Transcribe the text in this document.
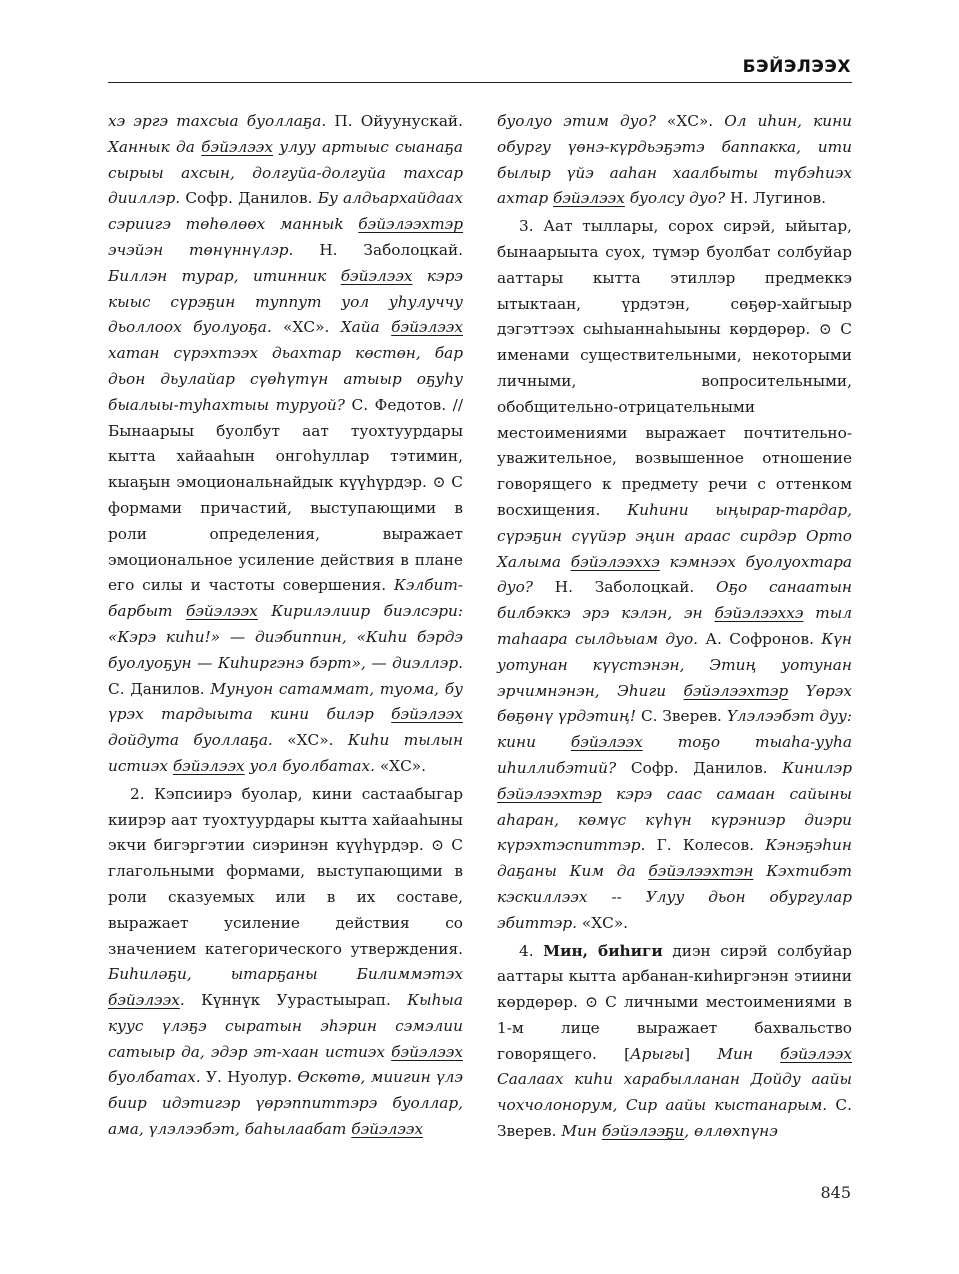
БЭЙЭЛЭЭХ

хэ эргэ тахсыа буоллаҕа. П. Ойуунускай. Ханнык да бэйэлээх улуу артыыс сыанаҕа сырыы ахсын, долгуйа-долгуйа тахсар дииллэр. Софр. Данилов. Бу алдьархайдаах сэриигэ төһөлөөх манныk бэйэлээхтэр эчэйэн төнүннүлэр. Н. Заболоцкай. Биллэн турар, итинник бэйэлээх кэрэ кыыс сүрэҕин туппут уол уһулуччу дьоллоох буолуоҕа. «ХС». Хайа бэйэлээх хатан сүрэхтээх дьахтар көстөн, бар дьон дьулайар сүөһүтүн атыыр оҕуһу быалыы-туһахтыы туруой? С. Федотов. // Бынаарыы буолбут аат туохтуурдары кытта хайааһын онгоһуллар тэтимин, кыаҕын эмоциональнайдык күүһүрдэр. ⊙ С формами причастий, выступающими в роли определения, выражает эмоциональное усиление действия в плане его силы и частоты совершения. Кэлбит-барбыт бэйэлээх Кирилэлиир биэлсэри: «Кэрэ киһи!» — диэбиппин, «Киһи бэрдэ буолуоҕун — Киһиргэнэ бэрт», — диэллэр. С. Данилов. Мунуон сатаммат, туома, бу үрэх тардыыта кини билэр бэйэлээх дойдута буоллаҕа. «ХС». Киһи тылын истиэх бэйэлээх уол буолбатах. «ХС».

2. Кэпсиирэ буолар, кини састаабыгар киирэр аат туохтуурдары кытта хайааһыны экчи бигэргэтии сиэринэн күүһүрдэр. ⊙ С глагольными формами, выступающими в роли сказуемых или в их составе, выражает усиление действия со значением категорического утверждения. Биһиләҕи, ытарҕаны Билиммэтэх бэйэлээх. Күннүк Уурастыырап. Кыһыа кууc үлэҕэ сыратын эһэрин сэмэлии сатыыр да, эдэр эт-хаан истиэх бэйэлээх буолбатах. У. Нуолур. Өскөтө, миигин үлэ биир идэтигэр үөрэппиттэрэ буоллар, ама, үлэлээбэт, баһылаабат бэйэлээх

буолуо этим дуо? «ХС». Ол иһин, кини обургу үөнэ-күрдьэҕэтэ баппакка, ити былыр үйэ ааһан хаалбыты түбэһиэх ахтар бэйэлээх буолсу дуо? Н. Лугинов.

3. Аат тыллары, сорох сирэй, ыйытар, бынаарыыта суох, түмэр буолбат солбуйар ааттары кытта этиллэр предмеккэ ытыктаан, үрдэтэн, сөҕөр-хайгыыр дэгэттээх сыһыаннаһыыны көрдөрөр. ⊙ С именами существительными, некоторыми личными, вопросительными, обобщительно-отрицательными местоимениями выражает почтительно-уважительное, возвышенное отношение говорящего к предмету речи с оттенком восхищения. Киһини ыңырар-тардар, сүрэҕин сүүйэр эңин араас сирдэр Орто Халыма бэйэлээххэ кэмнээх буолуохтара дуо? Н. Заболоцкай. Оҕо санаатын билбэккэ эрэ кэлэн, эн бэйэлээххэ тыл таһаара сылдьыам дуо. А. Софронов. Күн уотунан күүстэнэн, Этиң уотунан эрчимнэнэн, Эһиги бэйэлээхтэр Үөрэх бөҕөнү үрдэтиң! С. Зверев. Үлэлээбэт дуу: кини бэйэлээх тоҕо тыаһа-ууһа иһиллибэтий? Софр. Данилов. Кинилэр бэйэлээхтэр кэрэ саас самаан сайыны аһаран, көмүс күһүн күрэниэр диэри күрэхтэспиттэр. Г. Колесов. Кэнэҕэһин даҕаны Ким да бэйэлээхтэн Кэхтибэт кэскиллээх -- Улуу дьон обургулар эбиттэр. «ХС».

4. Мин, биһиги диэн сирэй солбуйар ааттары кытта арбанан-киһиргэнэн этиини көрдөрөр. ⊙ С личными местоимениями в 1-м лице выражает бахвальство говорящего. [Арыгы] Мин бэйэлээх Саалаах киһи харабылланан Дойду аайы чохчолонорум, Сир аайы кыстанарым. С. Зверев. Мин бэйэлээҕи, өллөхпүнэ

845
